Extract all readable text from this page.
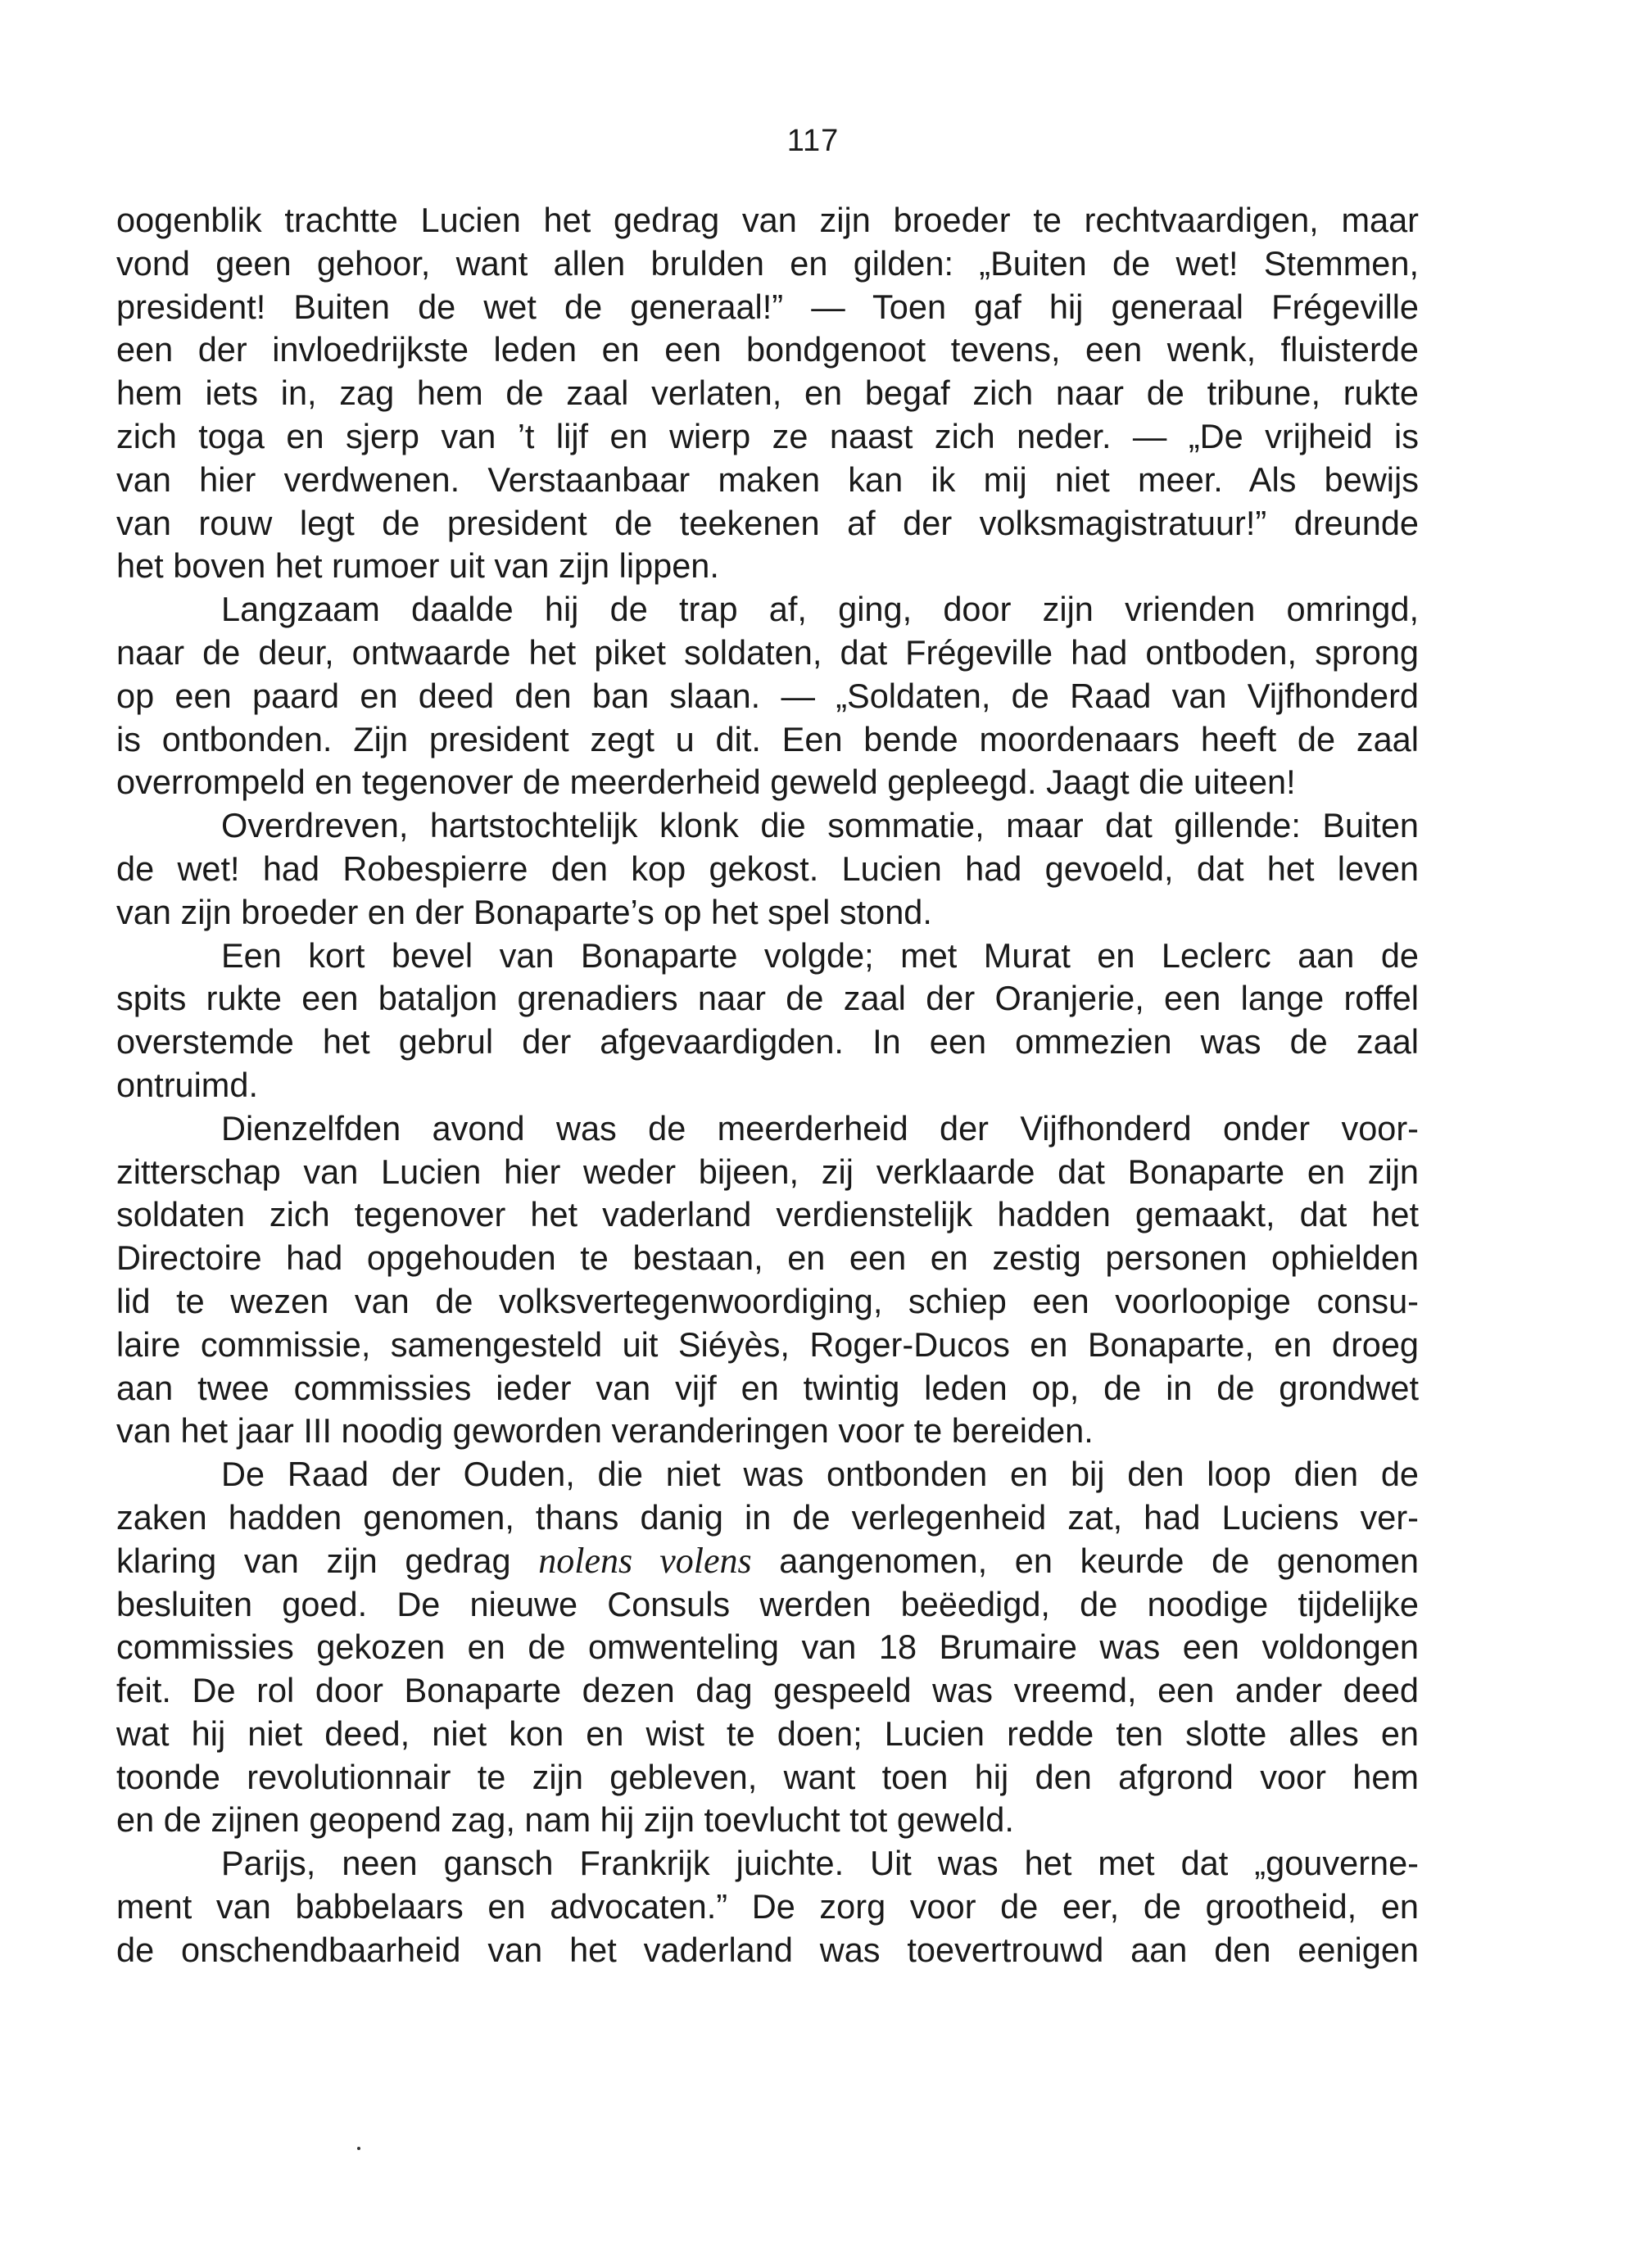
117
oogenblik trachtte Lucien het gedrag van zijn broeder te rechtvaardigen, maar
vond geen gehoor, want allen brulden en gilden: „Buiten de wet! Stemmen,
president! Buiten de wet de generaal!” — Toen gaf hij generaal Frégeville
een der invloedrijkste leden en een bondgenoot tevens, een wenk, fluisterde
hem iets in, zag hem de zaal verlaten, en begaf zich naar de tribune, rukte
zich toga en sjerp van ’t lijf en wierp ze naast zich neder. — „De vrijheid is
van hier verdwenen. Verstaanbaar maken kan ik mij niet meer. Als bewijs
van rouw legt de president de teekenen af der volksmagistratuur!” dreunde
het boven het rumoer uit van zijn lippen.
Langzaam daalde hij de trap af, ging, door zijn vrienden omringd,
naar de deur, ontwaarde het piket soldaten, dat Frégeville had ontboden, sprong
op een paard en deed den ban slaan. — „Soldaten, de Raad van Vijfhonderd
is ontbonden. Zijn president zegt u dit. Een bende moordenaars heeft de zaal
overrompeld en tegenover de meerderheid geweld gepleegd. Jaagt die uiteen!
Overdreven, hartstochtelijk klonk die sommatie, maar dat gillende: Buiten
de wet! had Robespierre den kop gekost. Lucien had gevoeld, dat het leven
van zijn broeder en der Bonaparte’s op het spel stond.
Een kort bevel van Bonaparte volgde; met Murat en Leclerc aan de
spits rukte een bataljon grenadiers naar de zaal der Oranjerie, een lange roffel
overstemde het gebrul der afgevaardigden. In een ommezien was de zaal
ontruimd.
Dienzelfden avond was de meerderheid der Vijfhonderd onder voor-
zitterschap van Lucien hier weder bijeen, zij verklaarde dat Bonaparte en zijn
soldaten zich tegenover het vaderland verdienstelijk hadden gemaakt, dat het
Directoire had opgehouden te bestaan, en een en zestig personen ophielden
lid te wezen van de volksvertegenwoordiging, schiep een voorloopige consu-
laire commissie, samengesteld uit Siéyès, Roger-Ducos en Bonaparte, en droeg
aan twee commissies ieder van vijf en twintig leden op, de in de grondwet
van het jaar III noodig geworden veranderingen voor te bereiden.
De Raad der Ouden, die niet was ontbonden en bij den loop dien de
zaken hadden genomen, thans danig in de verlegenheid zat, had Luciens ver-
klaring van zijn gedrag nolens volens aangenomen, en keurde de genomen
besluiten goed. De nieuwe Consuls werden beëedigd, de noodige tijdelijke
commissies gekozen en de omwenteling van 18 Brumaire was een voldongen
feit. De rol door Bonaparte dezen dag gespeeld was vreemd, een ander deed
wat hij niet deed, niet kon en wist te doen; Lucien redde ten slotte alles en
toonde revolutionnair te zijn gebleven, want toen hij den afgrond voor hem
en de zijnen geopend zag, nam hij zijn toevlucht tot geweld.
Parijs, neen gansch Frankrijk juichte. Uit was het met dat „gouverne-
ment van babbelaars en advocaten.” De zorg voor de eer, de grootheid, en
de onschendbaarheid van het vaderland was toevertrouwd aan den eenigen
